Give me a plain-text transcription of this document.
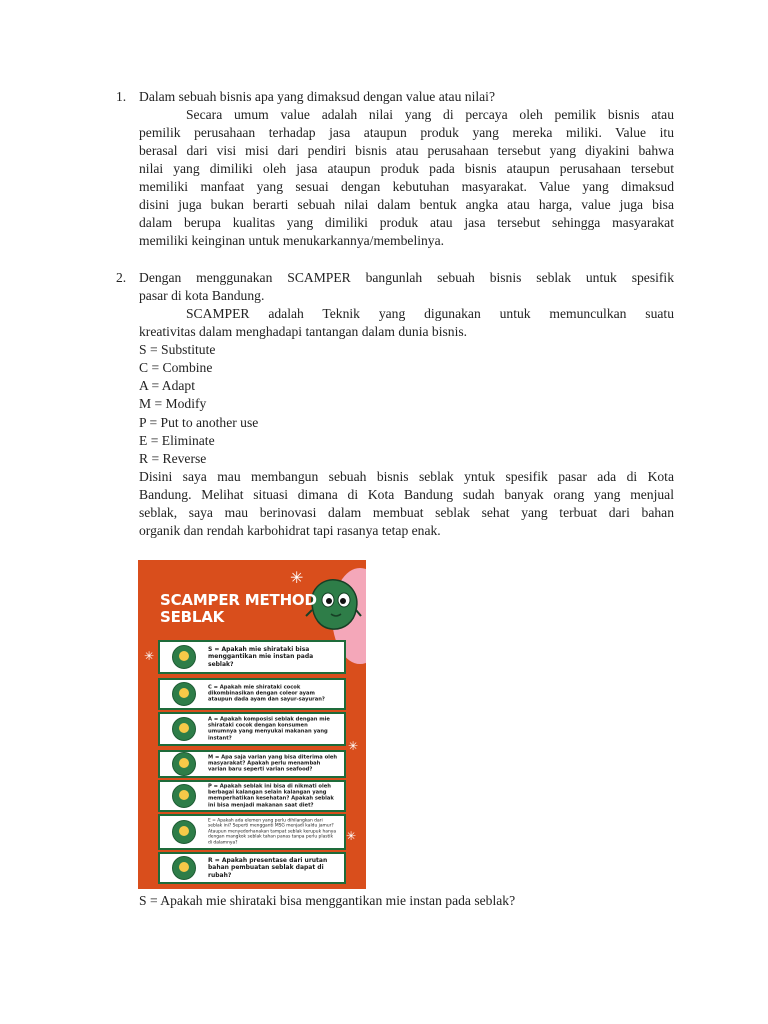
1. Dalam sebuah bisnis apa yang dimaksud dengan value atau nilai?
Secara umum value adalah nilai yang di percaya oleh pemilik bisnis atau
pemilik perusahaan terhadap jasa ataupun produk yang mereka miliki. Value itu
berasal dari visi misi dari pendiri bisnis atau perusahaan tersebut yang diyakini bahwa
nilai yang dimiliki oleh jasa ataupun produk pada bisnis ataupun perusahaan tersebut
memiliki manfaat yang sesuai dengan kebutuhan masyarakat. Value yang dimaksud
disini juga bukan berarti sebuah nilai dalam bentuk angka atau harga, value juga bisa
dalam berupa kualitas yang dimiliki produk atau jasa tersebut sehingga masyarakat
memiliki keinginan untuk menukarkannya/membelinya.
2. Dengan menggunakan SCAMPER bangunlah sebuah bisnis seblak untuk spesifik
pasar di kota Bandung.
SCAMPER adalah Teknik yang digunakan untuk memunculkan suatu
kreativitas dalam menghadapi tantangan dalam dunia bisnis.
S = Substitute
C = Combine
A = Adapt
M = Modify
P = Put to another use
E = Eliminate
R = Reverse
Disini saya mau membangun sebuah bisnis seblak yntuk spesifik pasar ada di Kota
Bandung. Melihat situasi dimana di Kota Bandung sudah banyak orang yang menjual
seblak, saya mau berinovasi dalam membuat seblak sehat yang terbuat dari bahan
organik dan rendah karbohidrat tapi rasanya tetap enak.
✳
✳
✳
✳
SCAMPER METHOD
SEBLAK
S = Apakah mie shirataki bisa menggantikan mie instan pada seblak?
C = Apakah mie shirataki cocok dikombinasikan dengan coleor ayam ataupun dada ayam dan sayur-sayuran?
A = Apakah komposisi seblak dengan mie shirataki cocok dengan konsumen umumnya yang menyukai makanan yang instant?
M = Apa saja varian yang bisa diterima oleh masyarakat? Apakah perlu menambah varian baru seperti varian seafood?
P = Apakah seblak ini bisa di nikmati oleh berbagai kalangan selain kalangan yang memperhatikan kesehatan? Apakah seblak ini bisa menjadi makanan saat diet?
E = Apakah ada elemen yang perlu dihilangkan dari seblak ini? Seperti mengganti MSG menjadi kaldu jamur? Ataupun menyedorhanakan tampat seblak kerupuk hanya dengan mangkok seblak tahan panas tanpa perlu plastik di dalamnya?
R = Apakah presentase dari urutan bahan pembuatan seblak dapat di rubah?
S = Apakah mie shirataki bisa menggantikan mie instan pada seblak?
